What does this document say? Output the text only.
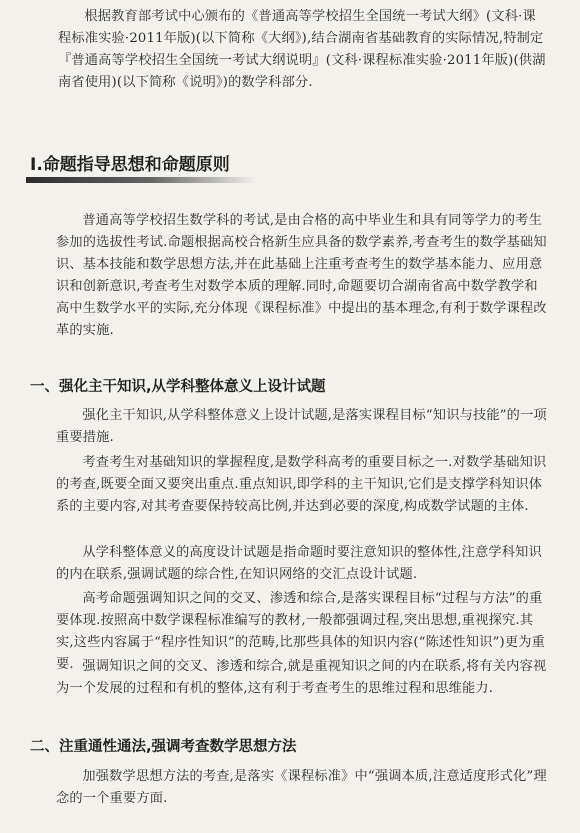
根据教育部考试中心颁布的《普通高等学校招生全国统一考试大纲》(文科·课程标准实验·2011年版)(以下简称《大纲》),结合湖南省基础教育的实际情况,特制定『普通高等学校招生全国统一考试大纲说明』(文科·课程标准实验·2011年版)(供湖南省使用)(以下简称《说明》)的数学科部分.

Ⅰ.命题指导思想和命题原则

普通高等学校招生数学科的考试,是由合格的高中毕业生和具有同等学力的考生参加的选拔性考试.命题根据高校合格新生应具备的数学素养,考查考生的数学基础知识、基本技能和数学思想方法,并在此基础上注重考查考生的数学基本能力、应用意识和创新意识,考查考生对数学本质的理解.同时,命题要切合湖南省高中数学教学和高中生数学水平的实际,充分体现《课程标准》中提出的基本理念,有利于数学课程改革的实施.

一、强化主干知识,从学科整体意义上设计试题

强化主干知识,从学科整体意义上设计试题,是落实课程目标“知识与技能”的一项重要措施.

考查考生对基础知识的掌握程度,是数学科高考的重要目标之一.对数学基础知识的考查,既要全面又要突出重点.重点知识,即学科的主干知识,它们是支撑学科知识体系的主要内容,对其考查要保持较高比例,并达到必要的深度,构成数学试题的主体.

从学科整体意义的高度设计试题是指命题时要注意知识的整体性,注意学科知识的内在联系,强调试题的综合性,在知识网络的交汇点设计试题.

高考命题强调知识之间的交叉、渗透和综合,是落实课程目标“过程与方法”的重要体现.按照高中数学课程标准编写的教材,一般都强调过程,突出思想,重视探究.其实,这些内容属于“程序性知识”的范畴,比那些具体的知识内容(“陈述性知识”)更为重要. 强调知识之间的交叉、渗透和综合,就是重视知识之间的内在联系,将有关内容视为一个发展的过程和有机的整体,这有利于考查考生的思维过程和思维能力.

二、注重通性通法,强调考查数学思想方法

加强数学思想方法的考查,是落实《课程标准》中“强调本质,注意适度形式化”理念的一个重要方面.
